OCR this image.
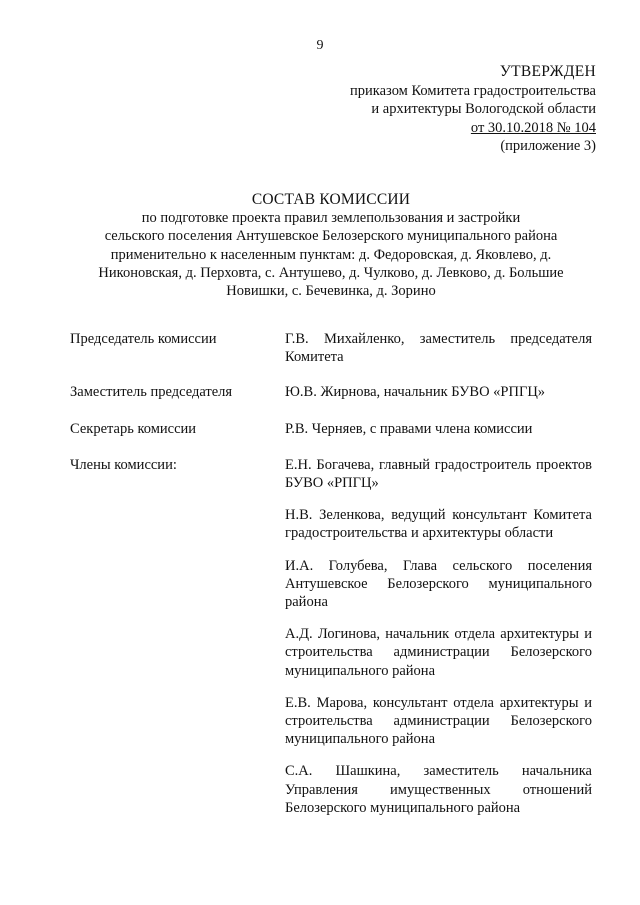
9
УТВЕРЖДЕН
приказом Комитета градостроительства
и архитектуры Вологодской области
от 30.10.2018 № 104
(приложение 3)
СОСТАВ КОМИССИИ
по подготовке проекта правил землепользования и застройки
сельского поселения Антушевское Белозерского муниципального района
применительно к населенным пунктам: д. Федоровская, д. Яковлево, д.
Никоновская, д. Перховта, с. Антушево, д. Чулково, д. Левково, д. Большие
Новишки, с. Бечевинка, д. Зорино
Председатель комиссии	Г.В. Михайленко, заместитель председателя Комитета
Заместитель председателя	Ю.В. Жирнова, начальник БУВО «РПГЦ»
Секретарь комиссии	Р.В. Черняев, с правами члена комиссии
Члены комиссии:	Е.Н. Богачева, главный градостроитель проектов БУВО «РПГЦ»
Н.В. Зеленкова, ведущий консультант Комитета градостроительства и архитектуры области
И.А. Голубева, Глава сельского поселения Антушевское Белозерского муниципального района
А.Д. Логинова, начальник отдела архитектуры и строительства администрации Белозерского муниципального района
Е.В. Марова, консультант отдела архитектуры и строительства администрации Белозерского муниципального района
С.А. Шашкина, заместитель начальника Управления имущественных отношений Белозерского муниципального района
